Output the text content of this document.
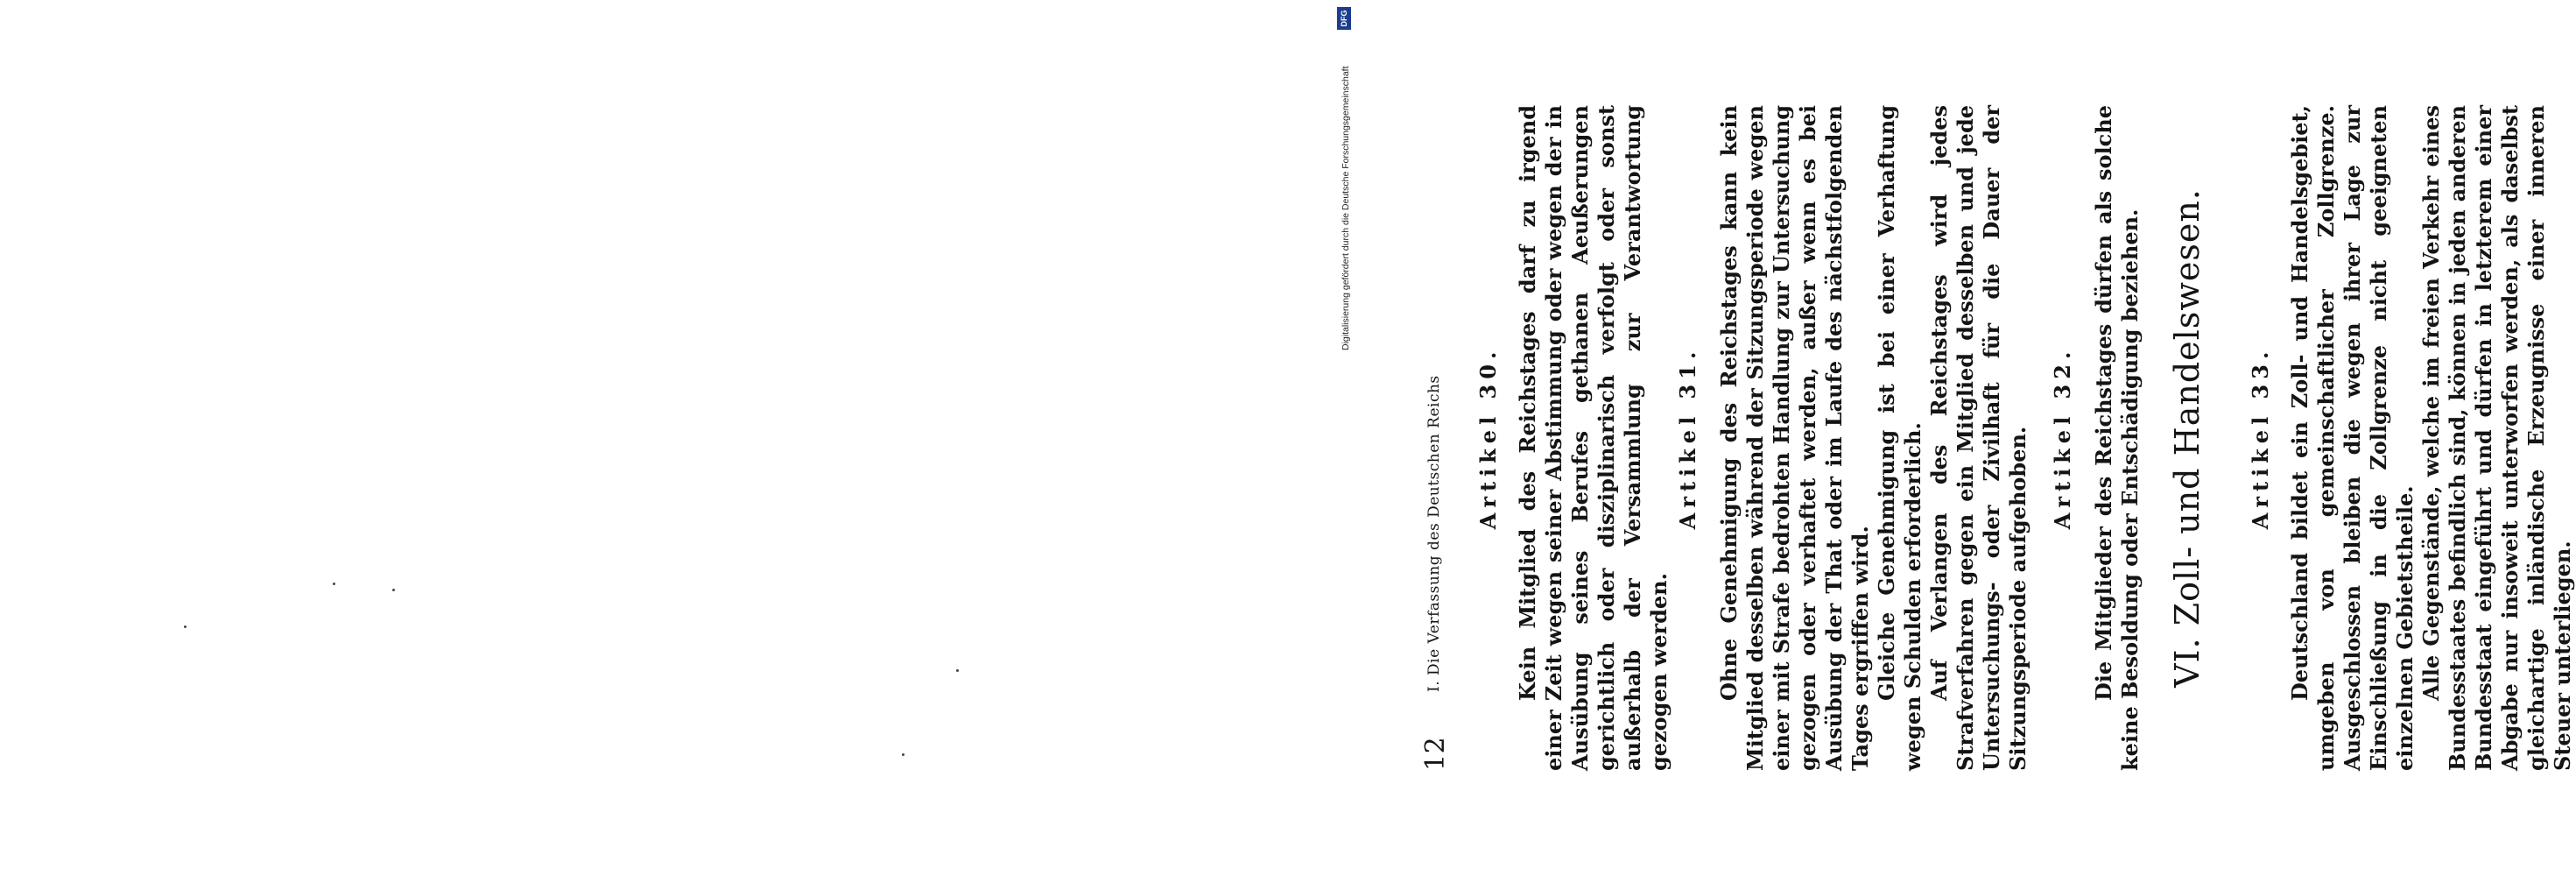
12
I. Die Verfassung des Deutschen Reichs Artikel 30. Kein Mitglied des Reichstages darf zu irgend einer Zeit wegen seiner Abstimmung oder wegen der in Ausübung seines Berufes gethanen Aeußerungen gerichtlich oder disziplinarisch verfolgt oder sonst außerhalb der Versammlung zur Verantwortung gezogen werden.
Artikel 31. Ohne Genehmigung des Reichstages kann kein Mitglied desselben während der Sitzungsperiode wegen einer mit Strafe bedrohten Handlung zur Untersuchung gezogen oder verhaftet werden, außer wenn es bei Ausübung der That oder im Laufe des nächstfolgenden Tages ergriffen wird. Gleiche Genehmigung ist bei einer Verhaftung wegen Schulden erforderlich. Auf Verlangen des Reichstages wird jedes Strafverfahren gegen ein Mitglied desselben und jede Untersuchungs- oder Zivilhaft für die Dauer der Sitzungsperiode aufgehoben. Artikel 32. Die Mitglieder des Reichstages dürfen als solche keine Besoldung oder Entschädigung beziehen. VI. Zoll- und Handelswesen. Artikel 33. Deutschland bildet ein Zoll- und Handelsgebiet, umgeben von gemeinschaftlicher Zollgrenze. Ausgeschlossen bleiben die wegen ihrer Lage zur Einschließung in die Zollgrenze nicht geeigneten einzelnen Gebietstheile. Alle Gegenstände, welche im freien Verkehr eines Bundesstaates befindlich sind, können in jeden anderen Bundesstaat eingeführt und dürfen in letzterem einer Abgabe nur insoweit unterworfen werden, als daselbst gleichartige inländische Erzeugnisse einer inneren Steuer unterliegen.
Digitalisierung gefördert durch die Deutsche Forschungsgemeinschaft
DFG
